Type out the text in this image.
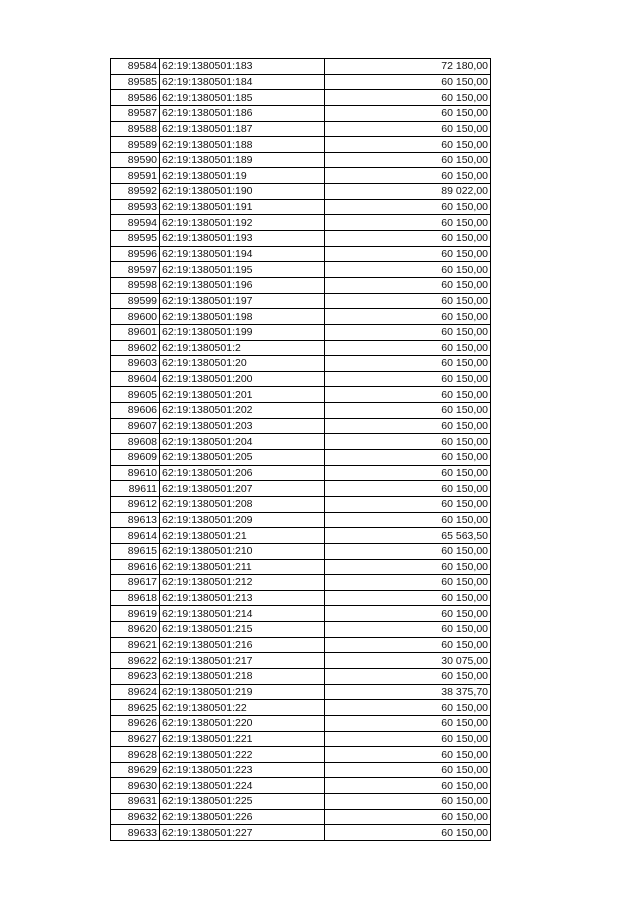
89584	62:19:1380501:183	72 180,00
89585	62:19:1380501:184	60 150,00
89586	62:19:1380501:185	60 150,00
89587	62:19:1380501:186	60 150,00
89588	62:19:1380501:187	60 150,00
89589	62:19:1380501:188	60 150,00
89590	62:19:1380501:189	60 150,00
89591	62:19:1380501:19	60 150,00
89592	62:19:1380501:190	89 022,00
89593	62:19:1380501:191	60 150,00
89594	62:19:1380501:192	60 150,00
89595	62:19:1380501:193	60 150,00
89596	62:19:1380501:194	60 150,00
89597	62:19:1380501:195	60 150,00
89598	62:19:1380501:196	60 150,00
89599	62:19:1380501:197	60 150,00
89600	62:19:1380501:198	60 150,00
89601	62:19:1380501:199	60 150,00
89602	62:19:1380501:2	60 150,00
89603	62:19:1380501:20	60 150,00
89604	62:19:1380501:200	60 150,00
89605	62:19:1380501:201	60 150,00
89606	62:19:1380501:202	60 150,00
89607	62:19:1380501:203	60 150,00
89608	62:19:1380501:204	60 150,00
89609	62:19:1380501:205	60 150,00
89610	62:19:1380501:206	60 150,00
89611	62:19:1380501:207	60 150,00
89612	62:19:1380501:208	60 150,00
89613	62:19:1380501:209	60 150,00
89614	62:19:1380501:21	65 563,50
89615	62:19:1380501:210	60 150,00
89616	62:19:1380501:211	60 150,00
89617	62:19:1380501:212	60 150,00
89618	62:19:1380501:213	60 150,00
89619	62:19:1380501:214	60 150,00
89620	62:19:1380501:215	60 150,00
89621	62:19:1380501:216	60 150,00
89622	62:19:1380501:217	30 075,00
89623	62:19:1380501:218	60 150,00
89624	62:19:1380501:219	38 375,70
89625	62:19:1380501:22	60 150,00
89626	62:19:1380501:220	60 150,00
89627	62:19:1380501:221	60 150,00
89628	62:19:1380501:222	60 150,00
89629	62:19:1380501:223	60 150,00
89630	62:19:1380501:224	60 150,00
89631	62:19:1380501:225	60 150,00
89632	62:19:1380501:226	60 150,00
89633	62:19:1380501:227	60 150,00
